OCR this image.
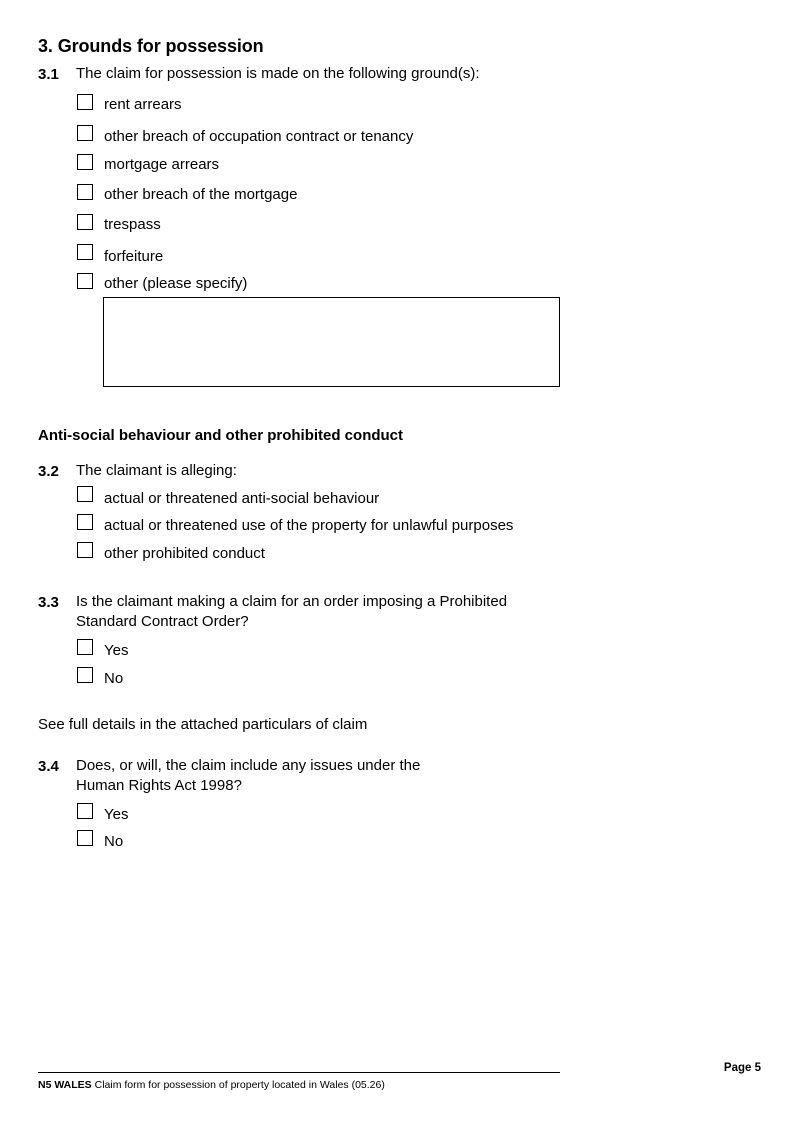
3. Grounds for possession
3.1 The claim for possession is made on the following ground(s):
rent arrears
other breach of occupation contract or tenancy
mortgage arrears
other breach of the mortgage
trespass
forfeiture
other (please specify)
Anti-social behaviour and other prohibited conduct
3.2 The claimant is alleging:
actual or threatened anti-social behaviour
actual or threatened use of the property for unlawful purposes
other prohibited conduct
3.3 Is the claimant making a claim for an order imposing a Prohibited
Standard Contract Order?
Yes
No
See full details in the attached particulars of claim
3.4 Does, or will, the claim include any issues under the
Human Rights Act 1998?
Yes
No
Page 5
N5 WALES Claim form for possession of property located in Wales (05.26)
